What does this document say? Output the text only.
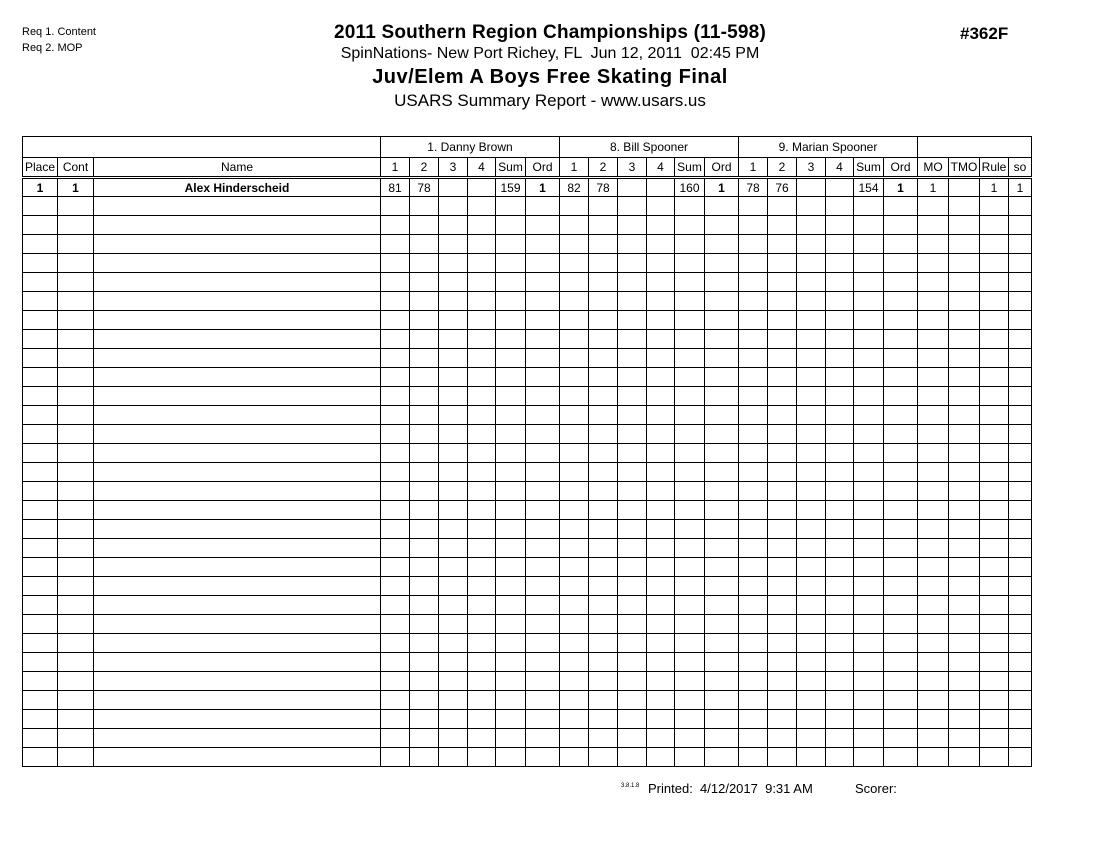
Req 1. Content
Req 2. MOP
2011 Southern Region Championships (11-598)
SpinNations- New Port Richey, FL  Jun 12, 2011  02:45 PM
Juv/Elem A Boys Free Skating Final
USARS Summary Report - www.usars.us
#362F
			1. Danny Brown						8. Bill Spooner						9. Marian Spooner									
Place	Cont	Name	1	2	3	4	Sum	Ord	1	2	3	4	Sum	Ord	1	2	3	4	Sum	Ord	MO	TMO	Rule	so
1	1	Alex Hinderscheid	81	78			159	1	82	78			160	1	78	76			154	1	1		1	1

3.8.1.8 Printed:  4/12/2017  9:31 AM	Scorer:
